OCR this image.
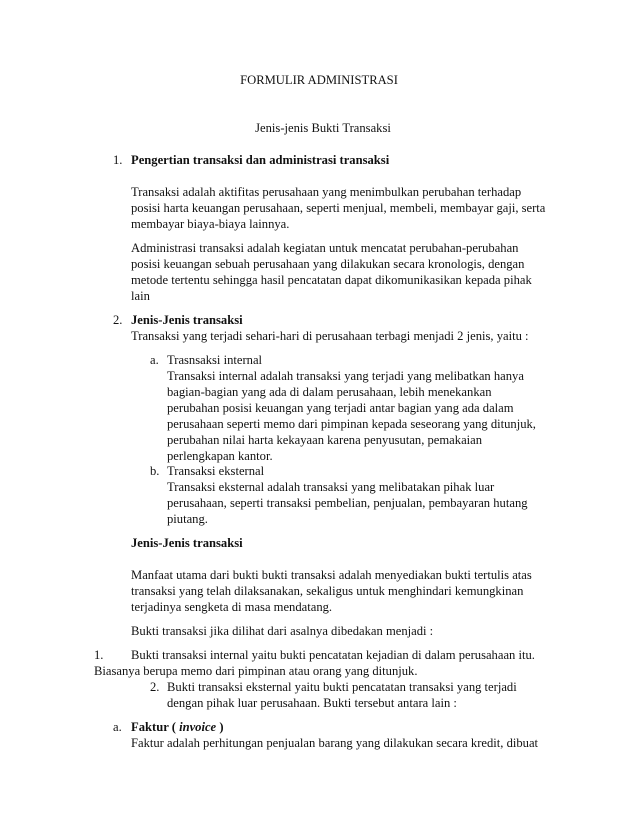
FORMULIR ADMINISTRASI
Jenis-jenis Bukti Transaksi
1. Pengertian transaksi dan administrasi transaksi
Transaksi adalah aktifitas perusahaan yang menimbulkan perubahan terhadap
posisi harta keuangan perusahaan, seperti menjual, membeli, membayar gaji, serta
membayar biaya-biaya lainnya.
Administrasi transaksi adalah kegiatan untuk mencatat perubahan-perubahan
posisi keuangan sebuah perusahaan yang dilakukan secara kronologis, dengan
metode tertentu sehingga hasil pencatatan dapat dikomunikasikan kepada pihak
lain
2. Jenis-Jenis transaksi
Transaksi yang terjadi sehari-hari di perusahaan terbagi menjadi 2 jenis, yaitu :
a. Trasnsaksi internal
Transaksi internal adalah transaksi yang terjadi yang melibatkan hanya
bagian-bagian yang ada di dalam perusahaan, lebih menekankan
perubahan posisi keuangan yang terjadi antar bagian yang ada dalam
perusahaan seperti memo dari pimpinan kepada seseorang yang ditunjuk,
perubahan nilai harta kekayaan karena penyusutan, pemakaian
perlengkapan kantor.
b. Transaksi eksternal
Transaksi eksternal adalah transaksi yang melibatakan pihak luar
perusahaan, seperti transaksi pembelian, penjualan, pembayaran hutang
piutang.
Jenis-Jenis transaksi
Manfaat utama dari bukti bukti transaksi adalah menyediakan bukti tertulis atas
transaksi yang telah dilaksanakan, sekaligus untuk menghindari kemungkinan
terjadinya sengketa di masa mendatang.
Bukti transaksi jika dilihat dari asalnya dibedakan menjadi :
1. Bukti transaksi internal yaitu bukti pencatatan kejadian di dalam perusahaan itu.
Biasanya berupa memo dari pimpinan atau orang yang ditunjuk.
2. Bukti transaksi eksternal yaitu bukti pencatatan transaksi yang terjadi
dengan pihak luar perusahaan. Bukti tersebut antara lain :
a. Faktur ( invoice )
Faktur adalah perhitungan penjualan barang yang dilakukan secara kredit, dibuat
